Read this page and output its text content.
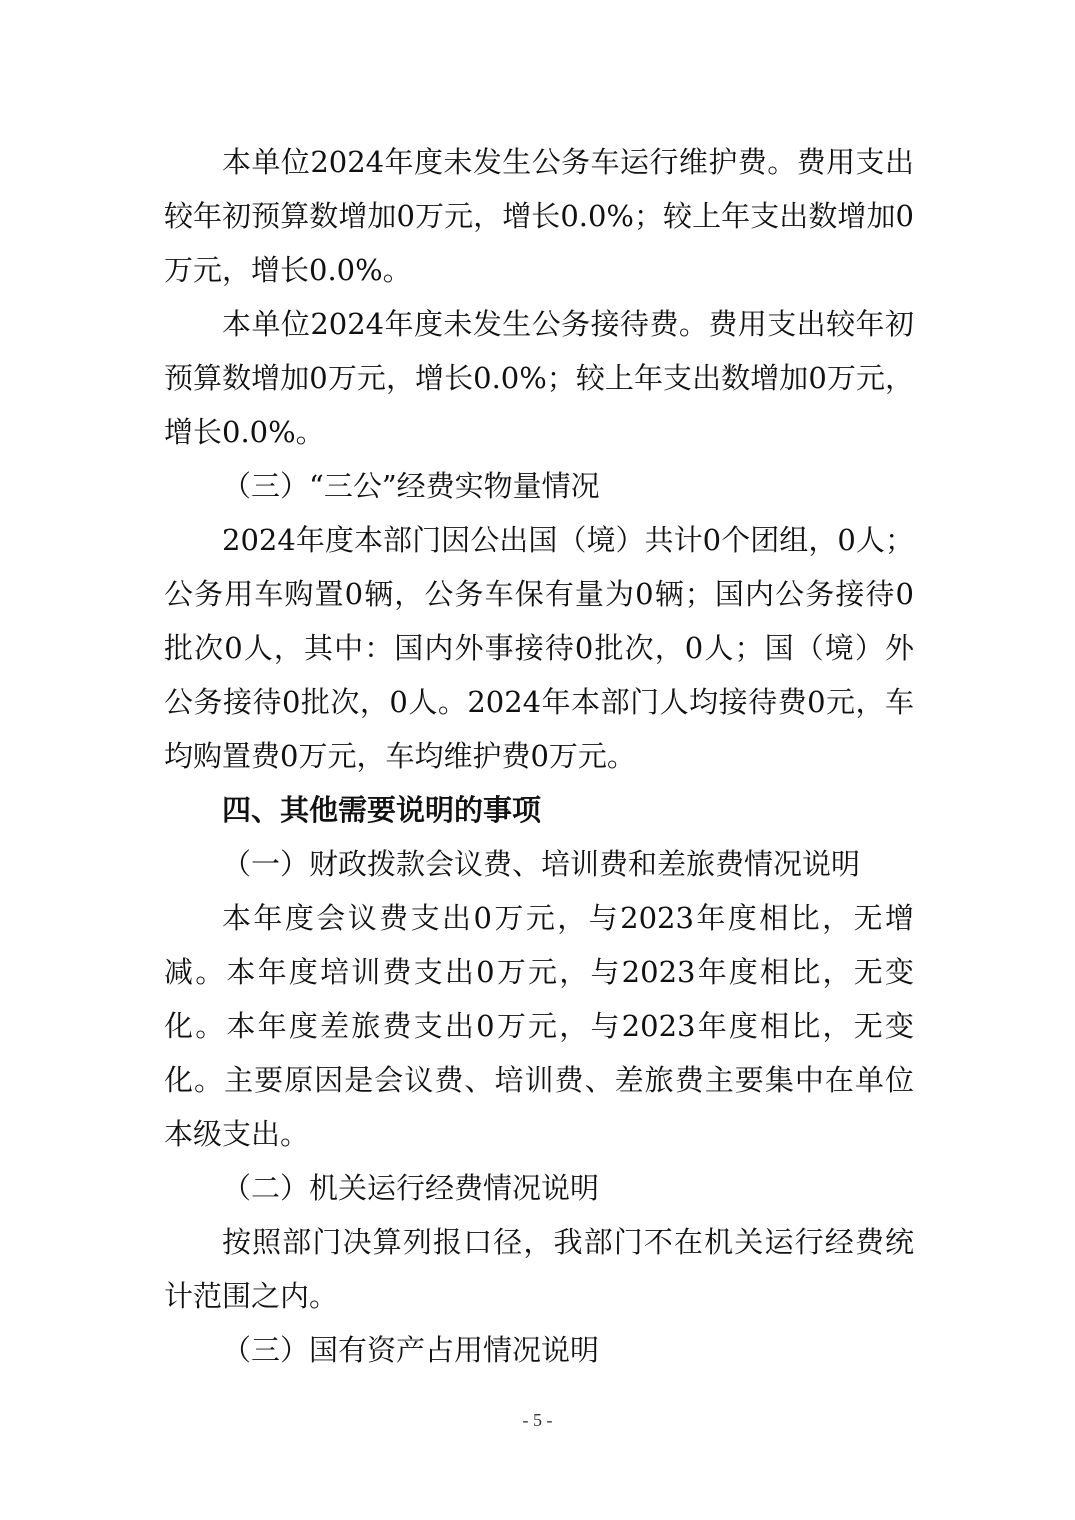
本单位2024年度未发生公务车运行维护费。费用支出较年初预算数增加0万元，增长0.0%；较上年支出数增加0万元，增长0.0%。

本单位2024年度未发生公务接待费。费用支出较年初预算数增加0万元，增长0.0%；较上年支出数增加0万元，增长0.0%。

（三）“三公”经费实物量情况

2024年度本部门因公出国（境）共计0个团组，0人；公务用车购置0辆，公务车保有量为0辆；国内公务接待0批次0人，其中：国内外事接待0批次，0人；国（境）外公务接待0批次，0人。2024年本部门人均接待费0元，车均购置费0万元，车均维护费0万元。

四、其他需要说明的事项

（一）财政拨款会议费、培训费和差旅费情况说明

本年度会议费支出0万元，与2023年度相比，无增减。本年度培训费支出0万元，与2023年度相比，无变化。本年度差旅费支出0万元，与2023年度相比，无变化。主要原因是会议费、培训费、差旅费主要集中在单位本级支出。

（二）机关运行经费情况说明

按照部门决算列报口径，我部门不在机关运行经费统计范围之内。

（三）国有资产占用情况说明

- 5 -
